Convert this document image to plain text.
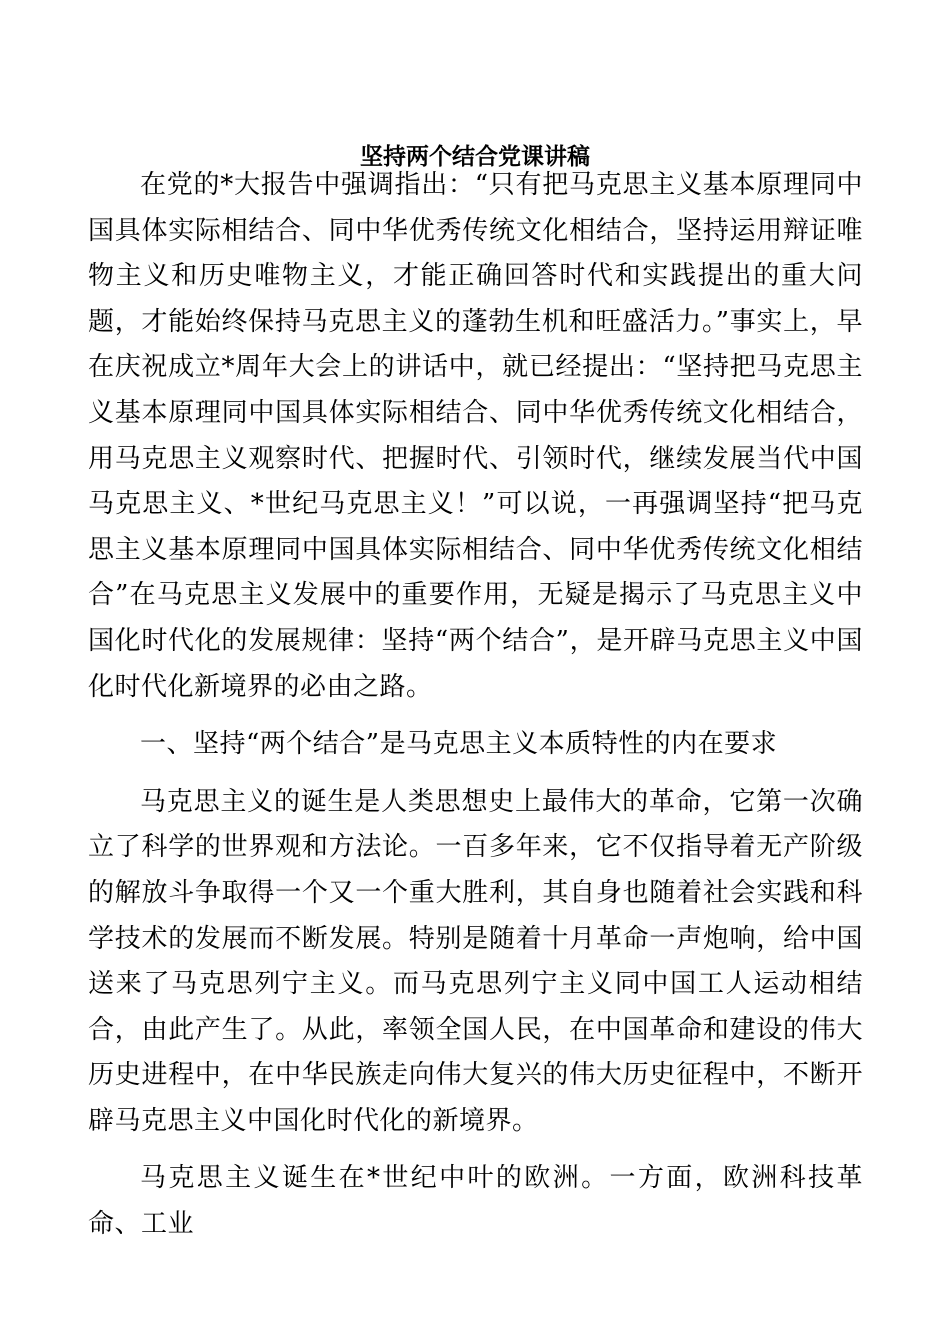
坚持两个结合党课讲稿

在党的*大报告中强调指出：“只有把马克思主义基本原理同中国具体实际相结合、同中华优秀传统文化相结合，坚持运用辩证唯物主义和历史唯物主义，才能正确回答时代和实践提出的重大问题，才能始终保持马克思主义的蓬勃生机和旺盛活力。”事实上，早在庆祝成立*周年大会上的讲话中，就已经提出：“坚持把马克思主义基本原理同中国具体实际相结合、同中华优秀传统文化相结合，用马克思主义观察时代、把握时代、引领时代，继续发展当代中国马克思主义、*世纪马克思主义！”可以说，一再强调坚持“把马克思主义基本原理同中国具体实际相结合、同中华优秀传统文化相结合”在马克思主义发展中的重要作用，无疑是揭示了马克思主义中国化时代化的发展规律：坚持“两个结合”，是开辟马克思主义中国化时代化新境界的必由之路。

一、坚持“两个结合”是马克思主义本质特性的内在要求

马克思主义的诞生是人类思想史上最伟大的革命，它第一次确立了科学的世界观和方法论。一百多年来，它不仅指导着无产阶级的解放斗争取得一个又一个重大胜利，其自身也随着社会实践和科学技术的发展而不断发展。特别是随着十月革命一声炮响，给中国送来了马克思列宁主义。而马克思列宁主义同中国工人运动相结合，由此产生了。从此，率领全国人民，在中国革命和建设的伟大历史进程中，在中华民族走向伟大复兴的伟大历史征程中，不断开辟马克思主义中国化时代化的新境界。

马克思主义诞生在*世纪中叶的欧洲。一方面，欧洲科技革命、工业
